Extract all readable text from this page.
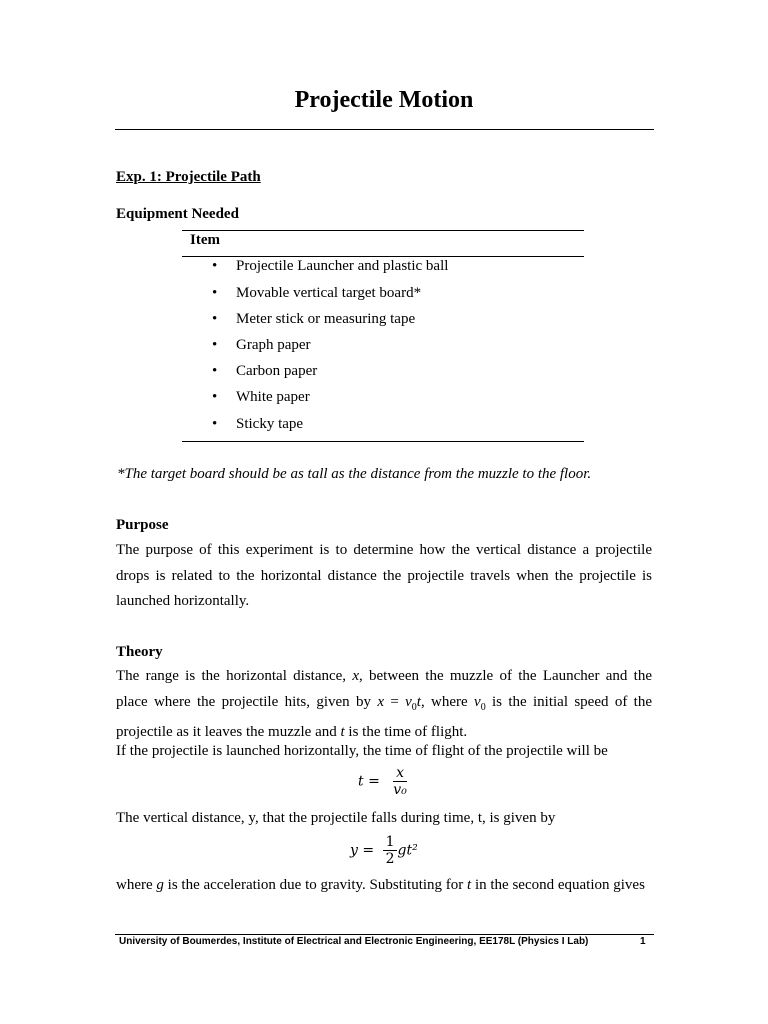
Projectile Motion
Exp. 1: Projectile Path
Equipment Needed
Item
• Projectile Launcher and plastic ball
• Movable vertical target board*
• Meter stick or measuring tape
• Graph paper
• Carbon paper
• White paper
• Sticky tape
*The target board should be as tall as the distance from the muzzle to the floor.
Purpose
The purpose of this experiment is to determine how the vertical distance a projectile drops is related to the horizontal distance the projectile travels when the projectile is launched horizontally.
Theory
The range is the horizontal distance, x, between the muzzle of the Launcher and the place where the projectile hits, given by $x = v_0t$, where $v_0$ is the initial speed of the projectile as it leaves the muzzle and t is the time of flight.
If the projectile is launched horizontally, the time of flight of the projectile will be
$t = \frac{x}{\text{v₀}}$
The vertical distance, y, that the projectile falls during time, t, is given by
$y = \frac{1}{2} gt^2$
where g is the acceleration due to gravity. Substituting for t in the second equation gives
University of Boumerdes, Institute of Electrical and Electronic Engineering, EE178L (Physics I Lab)	1
